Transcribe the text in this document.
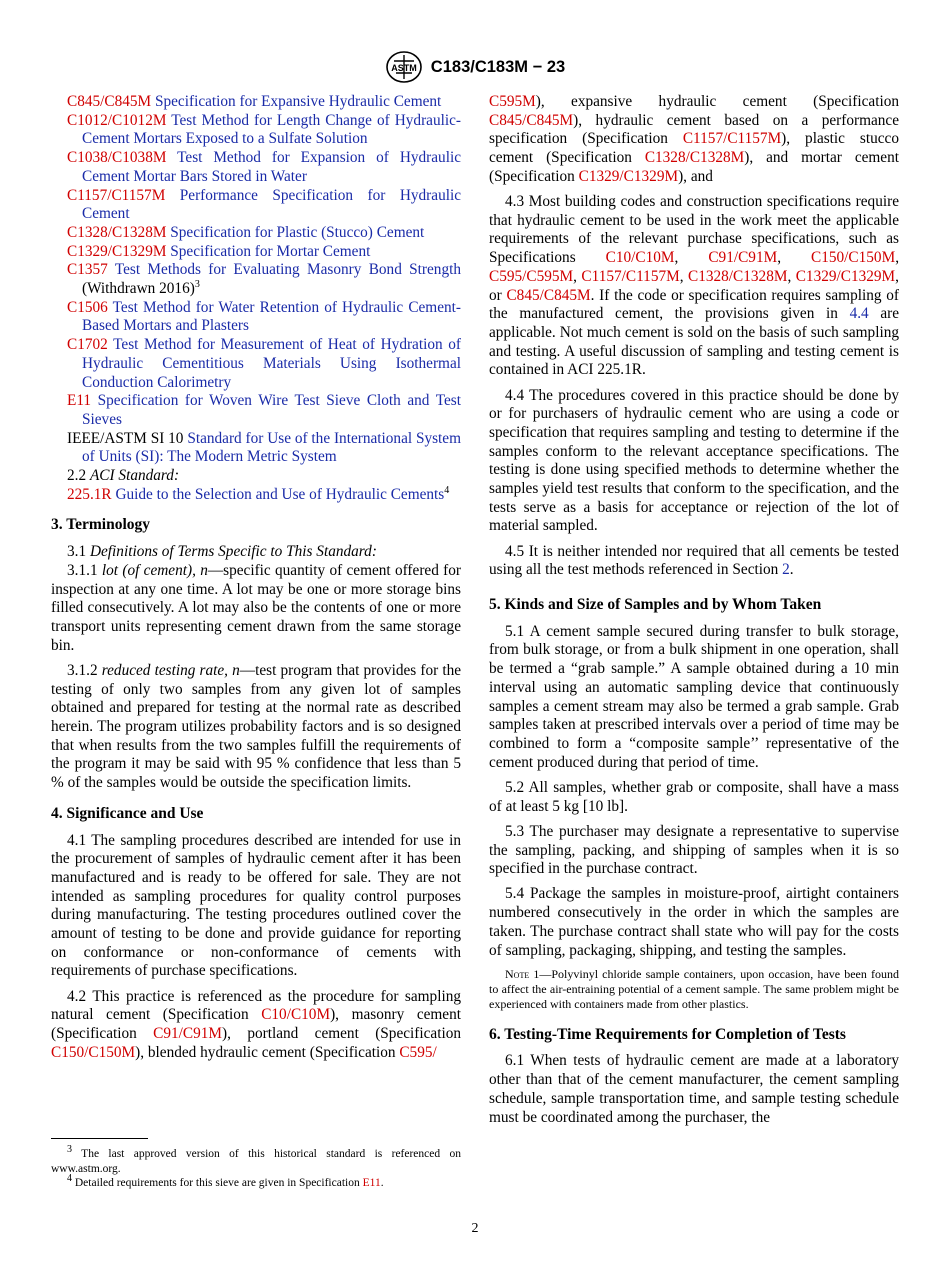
ASTM C183/C183M − 23
C845/C845M Specification for Expansive Hydraulic Cement
C1012/C1012M Test Method for Length Change of Hydraulic-Cement Mortars Exposed to a Sulfate Solution
C1038/C1038M Test Method for Expansion of Hydraulic Cement Mortar Bars Stored in Water
C1157/C1157M Performance Specification for Hydraulic Cement
C1328/C1328M Specification for Plastic (Stucco) Cement
C1329/C1329M Specification for Mortar Cement
C1357 Test Methods for Evaluating Masonry Bond Strength (Withdrawn 2016)$^3$
C1506 Test Method for Water Retention of Hydraulic Cement-Based Mortars and Plasters
C1702 Test Method for Measurement of Heat of Hydration of Hydraulic Cementitious Materials Using Isothermal Conduction Calorimetry
E11 Specification for Woven Wire Test Sieve Cloth and Test Sieves
IEEE/ASTM SI 10 Standard for Use of the International System of Units (SI): The Modern Metric System
2.2 ACI Standard:
225.1R Guide to the Selection and Use of Hydraulic Cements$^4$
3. Terminology
3.1 Definitions of Terms Specific to This Standard:
3.1.1 lot (of cement), n—specific quantity of cement offered for inspection at any one time. A lot may be one or more storage bins filled consecutively. A lot may also be the contents of one or more transport units representing cement drawn from the same storage bin.
3.1.2 reduced testing rate, n—test program that provides for the testing of only two samples from any given lot of samples obtained and prepared for testing at the normal rate as described herein. The program utilizes probability factors and is so designed that when results from the two samples fulfill the requirements of the program it may be said with 95 % confidence that less than 5 % of the samples would be outside the specification limits.
4. Significance and Use
4.1 The sampling procedures described are intended for use in the procurement of samples of hydraulic cement after it has been manufactured and is ready to be offered for sale. They are not intended as sampling procedures for quality control purposes during manufacturing. The testing procedures outlined cover the amount of testing to be done and provide guidance for reporting on conformance or non-conformance of cements with requirements of purchase specifications.
4.2 This practice is referenced as the procedure for sampling natural cement (Specification C10/C10M), masonry cement (Specification C91/C91M), portland cement (Specification C150/C150M), blended hydraulic cement (Specification C595/
C595M), expansive hydraulic cement (Specification C845/C845M), hydraulic cement based on a performance specification (Specification C1157/C1157M), plastic stucco cement (Specification C1328/C1328M), and mortar cement (Specification C1329/C1329M), and
4.3 Most building codes and construction specifications require that hydraulic cement to be used in the work meet the applicable requirements of the relevant purchase specifications, such as Specifications C10/C10M, C91/C91M, C150/C150M, C595/C595M, C1157/C1157M, C1328/C1328M, C1329/C1329M, or C845/C845M. If the code or specification requires sampling of the manufactured cement, the provisions given in 4.4 are applicable. Not much cement is sold on the basis of such sampling and testing. A useful discussion of sampling and testing cement is contained in ACI 225.1R.
4.4 The procedures covered in this practice should be done by or for purchasers of hydraulic cement who are using a code or specification that requires sampling and testing to determine if the samples conform to the relevant acceptance specifications. The testing is done using specified methods to determine whether the samples yield test results that conform to the specification, and the tests serve as a basis for acceptance or rejection of the lot of material sampled.
4.5 It is neither intended nor required that all cements be tested using all the test methods referenced in Section 2.
5. Kinds and Size of Samples and by Whom Taken
5.1 A cement sample secured during transfer to bulk storage, from bulk storage, or from a bulk shipment in one operation, shall be termed a “grab sample.” A sample obtained during a 10 min interval using an automatic sampling device that continuously samples a cement stream may also be termed a grab sample. Grab samples taken at prescribed intervals over a period of time may be combined to form a “composite sample’’ representative of the cement produced during that period of time.
5.2 All samples, whether grab or composite, shall have a mass of at least 5 kg [10 lb].
5.3 The purchaser may designate a representative to supervise the sampling, packing, and shipping of samples when it is so specified in the purchase contract.
5.4 Package the samples in moisture-proof, airtight containers numbered consecutively in the order in which the samples are taken. The purchase contract shall state who will pay for the costs of sampling, packaging, shipping, and testing the samples.
Note 1—Polyvinyl chloride sample containers, upon occasion, have been found to affect the air-entraining potential of a cement sample. The same problem might be experienced with containers made from other plastics.
6. Testing-Time Requirements for Completion of Tests
6.1 When tests of hydraulic cement are made at a laboratory other than that of the cement manufacturer, the cement sampling schedule, sample transportation time, and sample testing schedule must be coordinated among the purchaser, the
$^3$ The last approved version of this historical standard is referenced on www.astm.org.
$^4$ Detailed requirements for this sieve are given in Specification E11.
2
